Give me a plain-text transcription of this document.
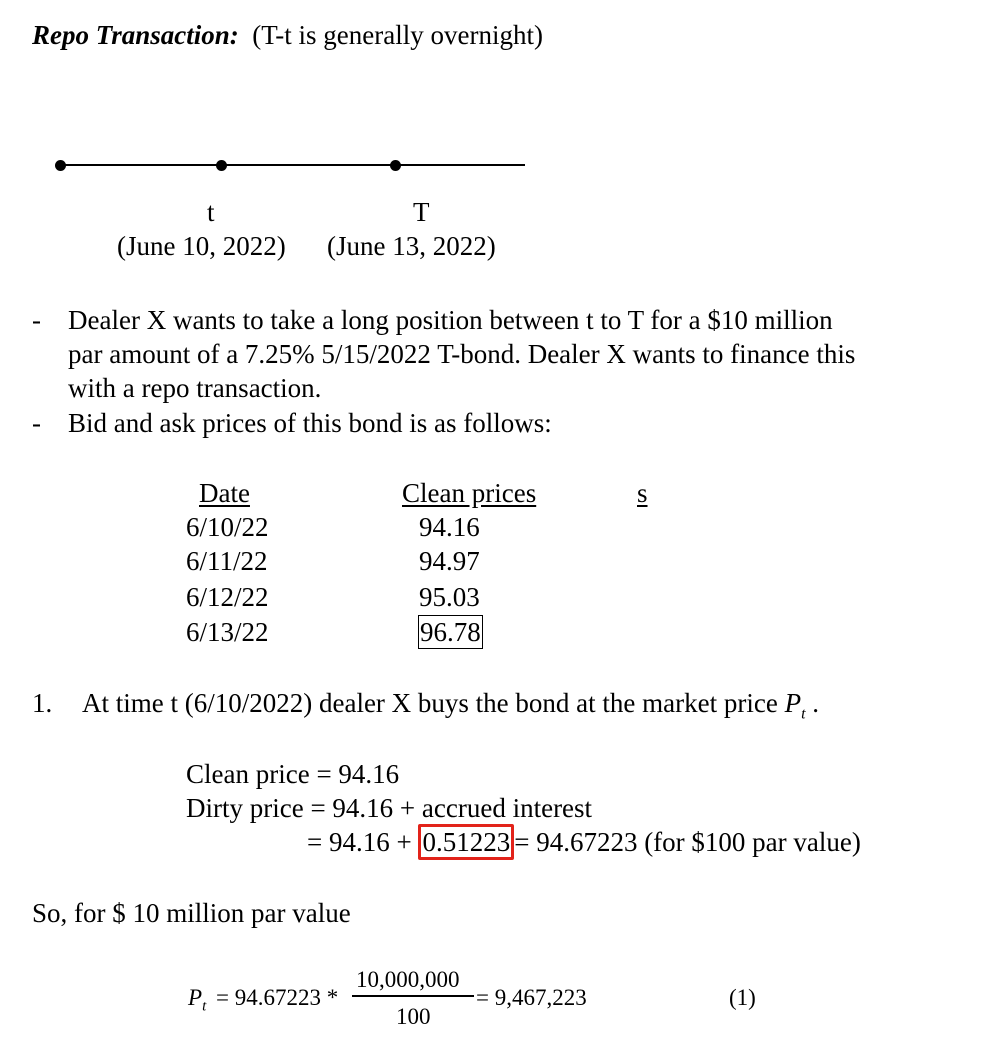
Repo Transaction: (T-t is generally overnight)
t	T
(June 10, 2022) (June 13, 2022)
- Dealer X wants to take a long position between t to T for a $10 million
par amount of a 7.25% 5/15/2022 T-bond. Dealer X wants to finance this
with a repo transaction.
- Bid and ask prices of this bond is as follows:
Date	Clean prices	s
6/10/22	94.16
6/11/22	94.97
6/12/22	95.03
6/13/22	96.78
1. At time t (6/10/2022) dealer X buys the bond at the market price $P_t$ .
Clean price = 94.16
Dirty price = 94.16 + accrued interest
= 94.16 + 0.51223 = 94.67223 (for $100 par value)
So, for $ 10 million par value
$P_t = 94.67223$ *
10,000,000
100
= 9,467,223	(1)
